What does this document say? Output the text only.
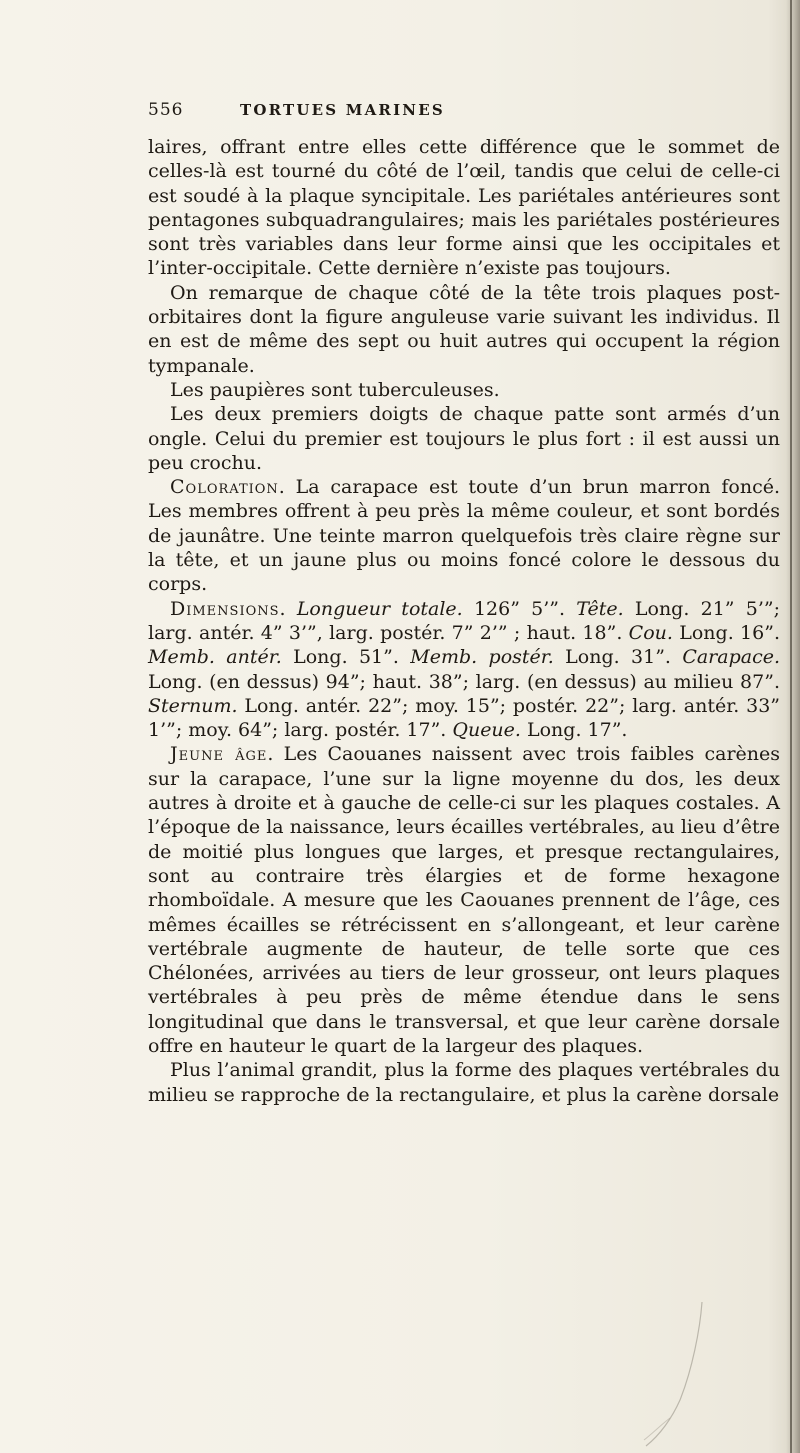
556	TORTUES MARINES

laires, offrant entre elles cette différence que le sommet de celles-là est tourné du côté de l’œil, tandis que celui de celle-ci est soudé à la plaque syncipitale. Les pariétales antérieures sont pentagones subquadrangulaires; mais les pariétales postérieures sont très variables dans leur forme ainsi que les occipitales et l’inter-occipitale. Cette dernière n’existe pas toujours.

On remarque de chaque côté de la tête trois plaques post-orbitaires dont la figure anguleuse varie suivant les individus. Il en est de même des sept ou huit autres qui occupent la région tympanale.

Les paupières sont tuberculeuses.

Les deux premiers doigts de chaque patte sont armés d’un ongle. Celui du premier est toujours le plus fort : il est aussi un peu crochu.

Coloration. La carapace est toute d’un brun marron foncé. Les membres offrent à peu près la même couleur, et sont bordés de jaunâtre. Une teinte marron quelquefois très claire règne sur la tête, et un jaune plus ou moins foncé colore le dessous du corps.

Dimensions. Longueur totale. 126” 5’”. Tête. Long. 21” 5’”; larg. antér. 4” 3’”, larg. postér. 7” 2’” ; haut. 18”. Cou. Long. 16”. Memb. antér. Long. 51”. Memb. postér. Long. 31”. Carapace. Long. (en dessus) 94”; haut. 38”; larg. (en dessus) au milieu 87”. Sternum. Long. antér. 22”; moy. 15”; postér. 22”; larg. antér. 33” 1’”; moy. 64”; larg. postér. 17”. Queue. Long. 17”.

Jeune âge. Les Caouanes naissent avec trois faibles carènes sur la carapace, l’une sur la ligne moyenne du dos, les deux autres à droite et à gauche de celle-ci sur les plaques costales. A l’époque de la naissance, leurs écailles vertébrales, au lieu d’être de moitié plus longues que larges, et presque rectangulaires, sont au contraire très élargies et de forme hexagone rhomboïdale. A mesure que les Caouanes prennent de l’âge, ces mêmes écailles se rétrécissent en s’allongeant, et leur carène vertébrale augmente de hauteur, de telle sorte que ces Chélonées, arrivées au tiers de leur grosseur, ont leurs plaques vertébrales à peu près de même étendue dans le sens longitudinal que dans le transversal, et que leur carène dorsale offre en hauteur le quart de la largeur des plaques.

Plus l’animal grandit, plus la forme des plaques vertébrales du milieu se rapproche de la rectangulaire, et plus la carène dorsale
